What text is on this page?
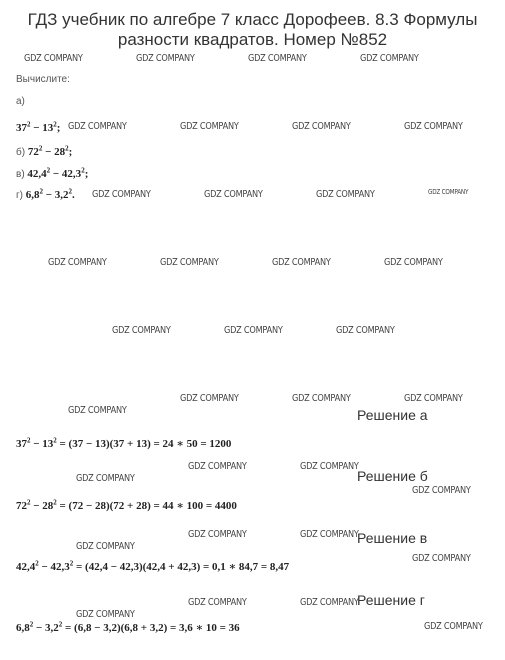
ГДЗ учебник по алгебре 7 класс Дорофеев. 8.3 Формулы разности квадратов. Номер №852
Вычислите:
а)
$37^2 - 13^2$;
б) $72^2 - 28^2$;
в) $42,4^2 - 42,3^2$;
г) $6,8^2 - 3,2^2$.
Решение а
$37^2 - 13^2 = (37 - 13)(37 + 13) = 24$ ∗ 50 = 1200
Решение б
$72^2 - 28^2 = (72 - 28)(72 + 28) = 44$ ∗ 100 = 4400
Решение в
$42,4^2 - 42,3^2 = (42,4 - 42,3)(42,4 + 42,3) = 0,1$ ∗ 84,7 = 8,47
Решение г
$6,8^2 - 3,2^2 = (6,8 - 3,2)(6,8 + 3,2) = 3,6$ ∗ 10 = 36
GDZ COMPANY	GDZ COMPANY	GDZ COMPANY	GDZ COMPANY
GDZ COMPANY	GDZ COMPANY	GDZ COMPANY	GDZ COMPANY
GDZ COMPANY	GDZ COMPANY	GDZ COMPANY	GDZ COMPANY
GDZ COMPANY	GDZ COMPANY	GDZ COMPANY	GDZ COMPANY
GDZ COMPANY	GDZ COMPANY	GDZ COMPANY
GDZ COMPANY	GDZ COMPANY	GDZ COMPANY
GDZ COMPANY
GDZ COMPANY	GDZ COMPANY
GDZ COMPANY
GDZ COMPANY
GDZ COMPANY	GDZ COMPANY
GDZ COMPANY
GDZ COMPANY
GDZ COMPANY	GDZ COMPANY
GDZ COMPANY
GDZ COMPANY
